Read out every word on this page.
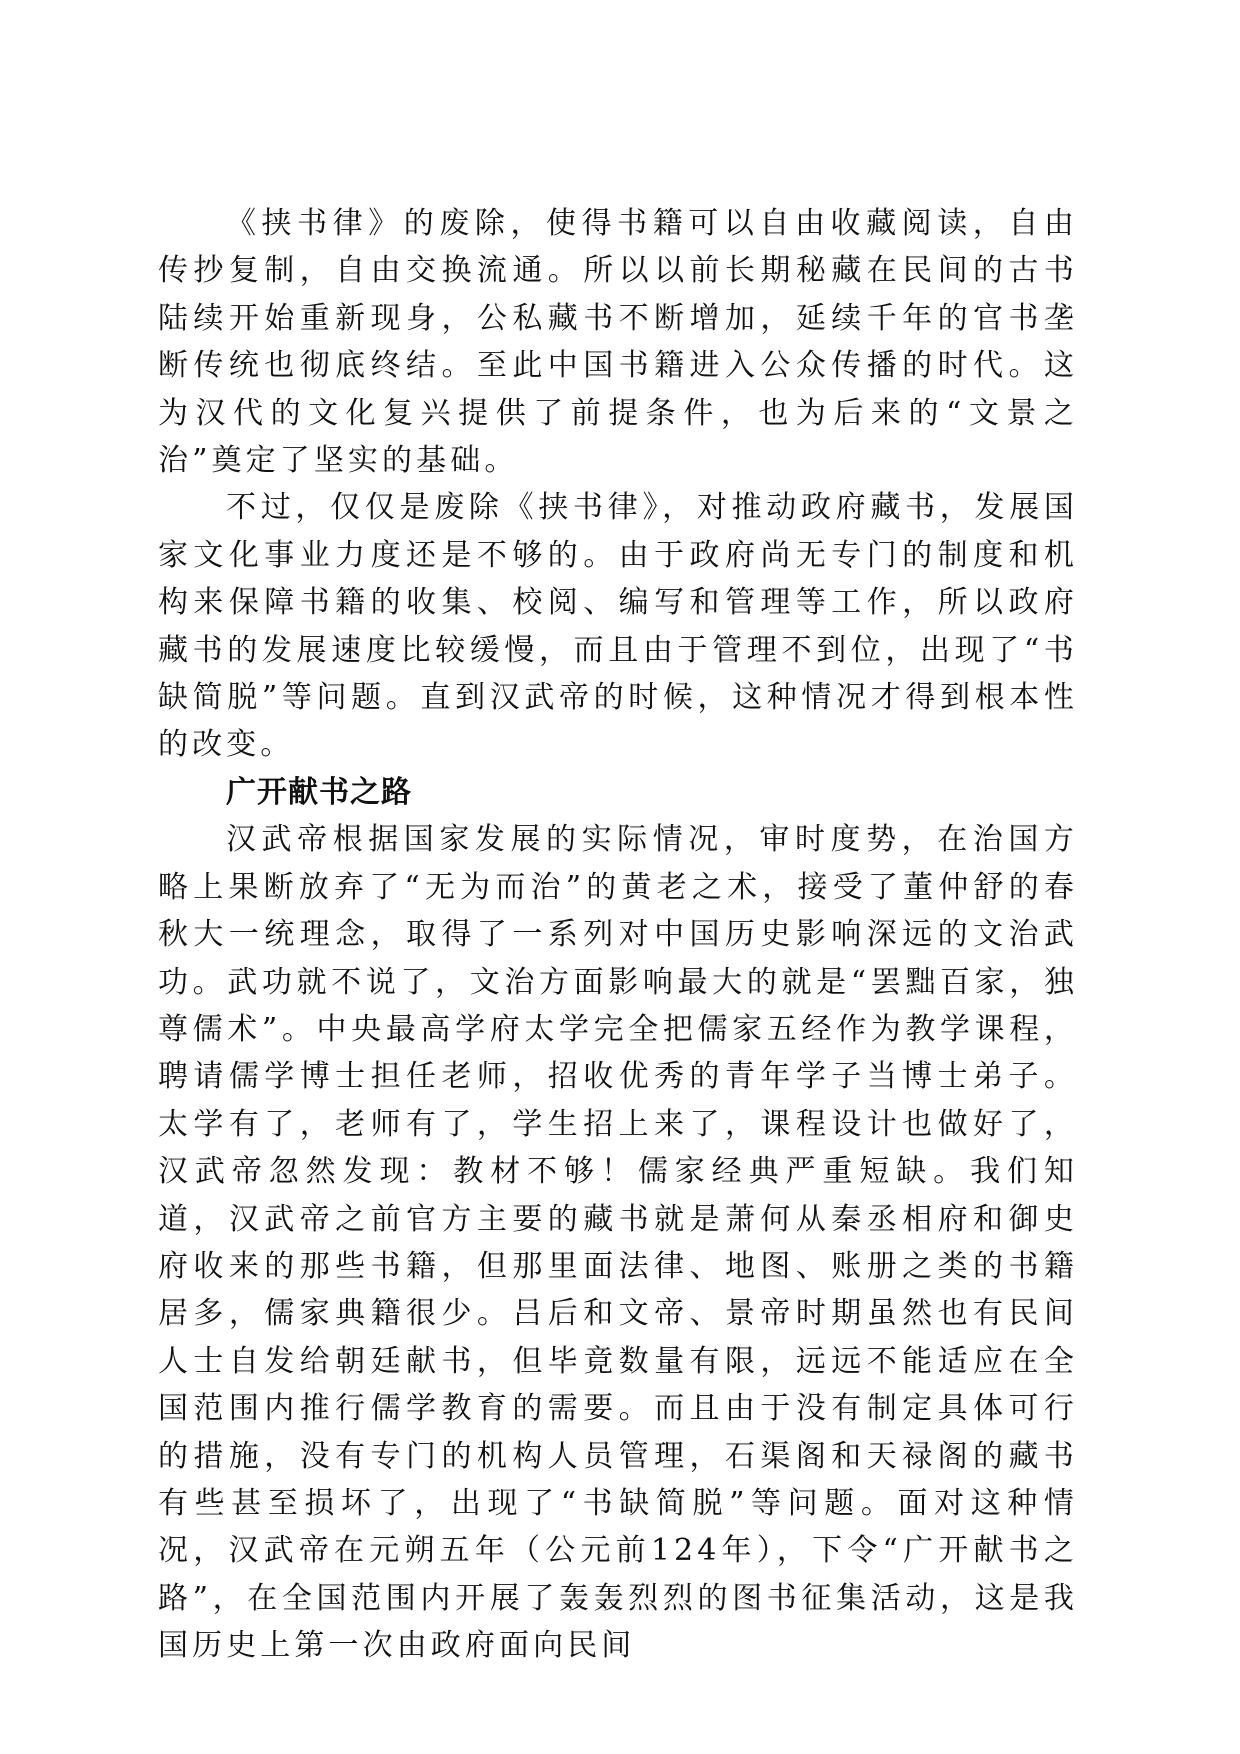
《挟书律》的废除，使得书籍可以自由收藏阅读，自由传抄复制，自由交换流通。所以以前长期秘藏在民间的古书陆续开始重新现身，公私藏书不断增加，延续千年的官书垄断传统也彻底终结。至此中国书籍进入公众传播的时代。这为汉代的文化复兴提供了前提条件，也为后来的“文景之治”奠定了坚实的基础。

不过，仅仅是废除《挟书律》，对推动政府藏书，发展国家文化事业力度还是不够的。由于政府尚无专门的制度和机构来保障书籍的收集、校阅、编写和管理等工作，所以政府藏书的发展速度比较缓慢，而且由于管理不到位，出现了“书缺简脱”等问题。直到汉武帝的时候，这种情况才得到根本性的改变。

广开献书之路

汉武帝根据国家发展的实际情况，审时度势，在治国方略上果断放弃了“无为而治”的黄老之术，接受了董仲舒的春秋大一统理念，取得了一系列对中国历史影响深远的文治武功。武功就不说了，文治方面影响最大的就是“罢黜百家，独尊儒术”。中央最高学府太学完全把儒家五经作为教学课程，聘请儒学博士担任老师，招收优秀的青年学子当博士弟子。太学有了，老师有了，学生招上来了，课程设计也做好了，汉武帝忽然发现：教材不够！儒家经典严重短缺。我们知道，汉武帝之前官方主要的藏书就是萧何从秦丞相府和御史府收来的那些书籍，但那里面法律、地图、账册之类的书籍居多，儒家典籍很少。吕后和文帝、景帝时期虽然也有民间人士自发给朝廷献书，但毕竟数量有限，远远不能适应在全国范围内推行儒学教育的需要。而且由于没有制定具体可行的措施，没有专门的机构人员管理，石渠阁和天禄阁的藏书有些甚至损坏了，出现了“书缺简脱”等问题。面对这种情况，汉武帝在元朔五年（公元前124年），下令“广开献书之路”，在全国范围内开展了轰轰烈烈的图书征集活动，这是我国历史上第一次由政府面向民间
